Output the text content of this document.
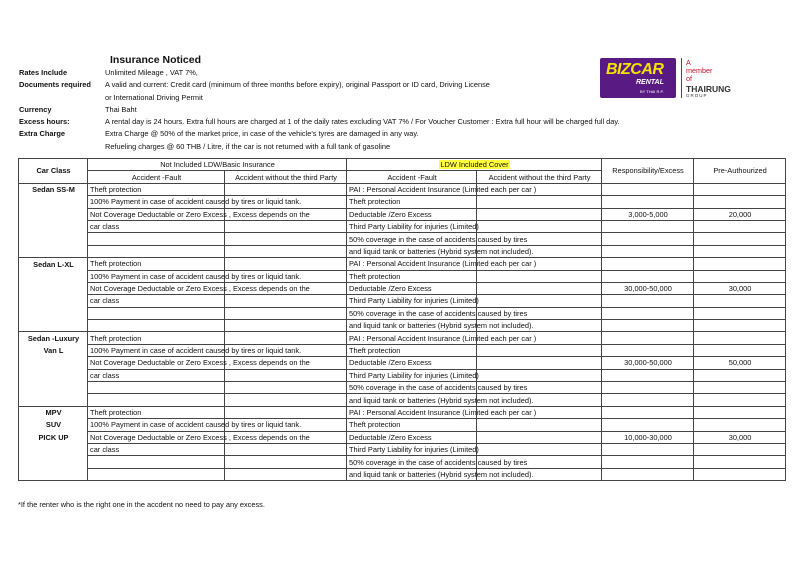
Insurance Noticed
Rates Include	Unlimited Mileage , VAT 7%,
Documents required	A valid and current: Credit card (minimum of three months before expiry), original Passport or ID card, Driving License
or International Driving Permit
Currency	Thai Baht
Excess hours:	A rental day is 24 hours. Extra full hours are charged at 1 of the daily rates excluding VAT 7% / For Voucher Customer : Extra full hour will be charged full day.
Extra Charge	Extra Charge @ 50% of the market price, in case of the vehicle's tyres are damaged in any way.
Refueling charges @ 60 THB / Litre, if the car is not returned with a full tank of gasoline
BIZCAR
RENTAL
BY THAI R.P.
A
member
of
THAIRUNG
GROUP
Car Class	Not Included LDW/Basic Insurance		LDW Included Cover		Responsibility/Excess	Pre-Authourized
	Accident -Fault	Accident without the third Party	Accident -Fault	Accident without the third Party		
Sedan SS-M	Theft protection		PAI : Personal Accident Insurance (Limited each per car )			
	100% Payment in case of accident caused by tires or liquid tank.		Theft protection			
	Not Coverage Deductable or Zero Excess , Excess depends on the		Deductable /Zero Excess		3,000-5,000	20,000
	car class		Third Party Liability for injuries (Limited)			
			50% coverage in the case of accidents caused by tires			
			and liquid tank or batteries (Hybrid system not included).			
Sedan L-XL	Theft protection		PAI : Personal Accident Insurance (Limited each per car )			
	100% Payment in case of accident caused by tires or liquid tank.		Theft protection			
	Not Coverage Deductable or Zero Excess , Excess depends on the		Deductable /Zero Excess		30,000-50,000	30,000
	car class		Third Party Liability for injuries (Limited)			
			50% coverage in the case of accidents caused by tires			
			and liquid tank or batteries (Hybrid system not included).			
Sedan -Luxury	Theft protection		PAI : Personal Accident Insurance (Limited each per car )			
Van L	100% Payment in case of accident caused by tires or liquid tank.		Theft protection			
	Not Coverage Deductable or Zero Excess , Excess depends on the		Deductable /Zero Excess		30,000-50,000	50,000
	car class		Third Party Liability for injuries (Limited)			
			50% coverage in the case of accidents caused by tires			
			and liquid tank or batteries (Hybrid system not included).			
MPV	Theft protection		PAI : Personal Accident Insurance (Limited each per car )			
SUV	100% Payment in case of accident caused by tires or liquid tank.		Theft protection			
PICK UP	Not Coverage Deductable or Zero Excess , Excess depends on the		Deductable /Zero Excess		10,000-30,000	30,000
	car class		Third Party Liability for injuries (Limited)			
			50% coverage in the case of accidents caused by tires			
			and liquid tank or batteries (Hybrid system not included).			
*If the renter who is the right one in the accdent no need to pay any excess.
